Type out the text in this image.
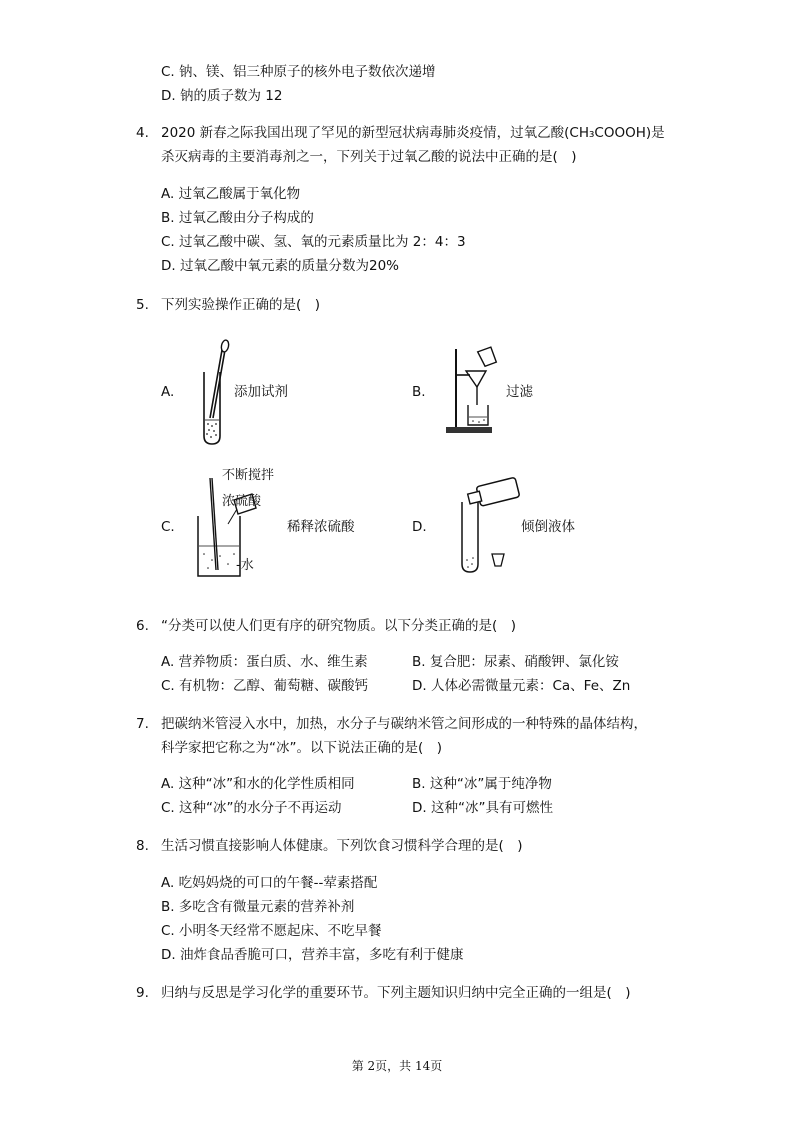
C. 钠、镁、铝三种原子的核外电子数依次递增
D. 钠的质子数为 12
4. 2020 新春之际我国出现了罕见的新型冠状病毒肺炎疫情，过氧乙酸(CH₃COOOH)是
杀灭病毒的主要消毒剂之一，下列关于过氧乙酸的说法中正确的是(　)
A. 过氧乙酸属于氧化物
B. 过氧乙酸由分子构成的
C. 过氧乙酸中碳、氢、氧的元素质量比为 2：4：3
D. 过氧乙酸中氧元素的质量分数为20%
5. 下列实验操作正确的是(　)
A.	添加试剂	B.	过滤
C.
不断搅拌
浓硫酸
-水
稀释浓硫酸	D.	倾倒液体
6. “分类可以使人们更有序的研究物质。以下分类正确的是(　)
A. 营养物质：蛋白质、水、维生素	B. 复合肥：尿素、硝酸钾、氯化铵
C. 有机物：乙醇、葡萄糖、碳酸钙	D. 人体必需微量元素：Ca、Fe、Zn
7. 把碳纳米管浸入水中，加热，水分子与碳纳米管之间形成的一种特殊的晶体结构，
科学家把它称之为“冰”。以下说法正确的是(　)
A. 这种“冰”和水的化学性质相同	B. 这种“冰”属于纯净物
C. 这种“冰”的水分子不再运动	D. 这种“冰”具有可燃性
8. 生活习惯直接影响人体健康。下列饮食习惯科学合理的是(　)
A. 吃妈妈烧的可口的午餐--荤素搭配
B. 多吃含有微量元素的营养补剂
C. 小明冬天经常不愿起床、不吃早餐
D. 油炸食品香脆可口，营养丰富，多吃有利于健康
9. 归纳与反思是学习化学的重要环节。下列主题知识归纳中完全正确的一组是(　)
第 2页，共 14页
